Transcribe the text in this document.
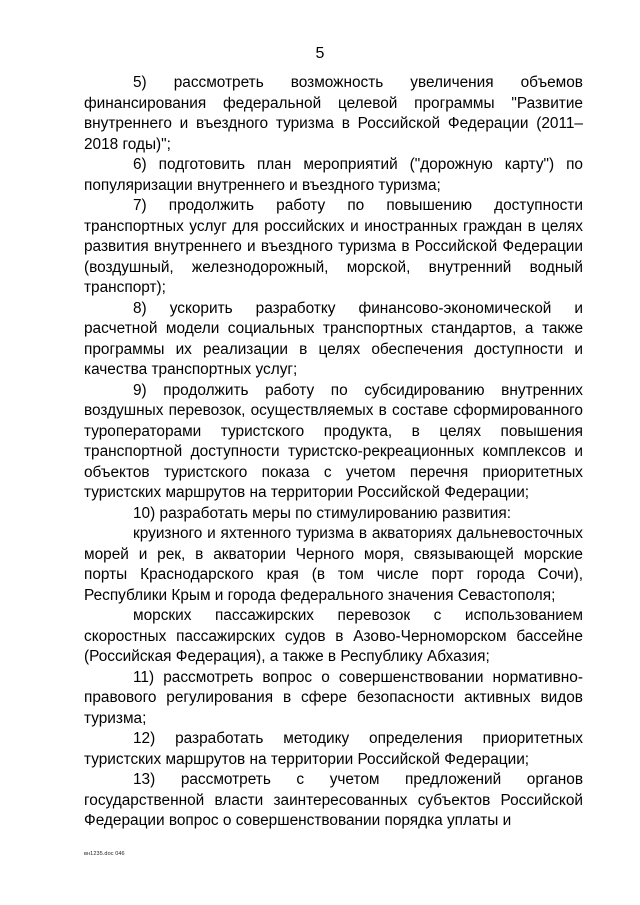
5

5) рассмотреть возможность увеличения объемов финансирования федеральной целевой программы "Развитие внутреннего и въездного туризма в Российской Федерации (2011–2018 годы)";

6) подготовить план мероприятий ("дорожную карту") по популяризации внутреннего и въездного туризма;

7) продолжить работу по повышению доступности транспортных услуг для российских и иностранных граждан в целях развития внутреннего и въездного туризма в Российской Федерации (воздушный, железнодорожный, морской, внутренний водный транспорт);

8) ускорить разработку финансово-экономической и расчетной модели социальных транспортных стандартов, а также программы их реализации в целях обеспечения доступности и качества транспортных услуг;

9) продолжить работу по субсидированию внутренних воздушных перевозок, осуществляемых в составе сформированного туроператорами туристского продукта, в целях повышения транспортной доступности туристско-рекреационных комплексов и объектов туристского показа с учетом перечня приоритетных туристских маршрутов на территории Российской Федерации;

10) разработать меры по стимулированию развития:

круизного и яхтенного туризма в акваториях дальневосточных морей и рек, в акватории Черного моря, связывающей морские порты Краснодарского края (в том числе порт города Сочи), Республики Крым и города федерального значения Севастополя;

морских пассажирских перевозок с использованием скоростных пассажирских судов в Азово-Черноморском бассейне (Российская Федерация), а также в Республику Абхазия;

11) рассмотреть вопрос о совершенствовании нормативно-правового регулирования в сфере безопасности активных видов туризма;

12) разработать методику определения приоритетных туристских маршрутов на территории Российской Федерации;

13) рассмотреть с учетом предложений органов государственной власти заинтересованных субъектов Российской Федерации вопрос о совершенствовании порядка уплаты и

вн1235.doc 046
